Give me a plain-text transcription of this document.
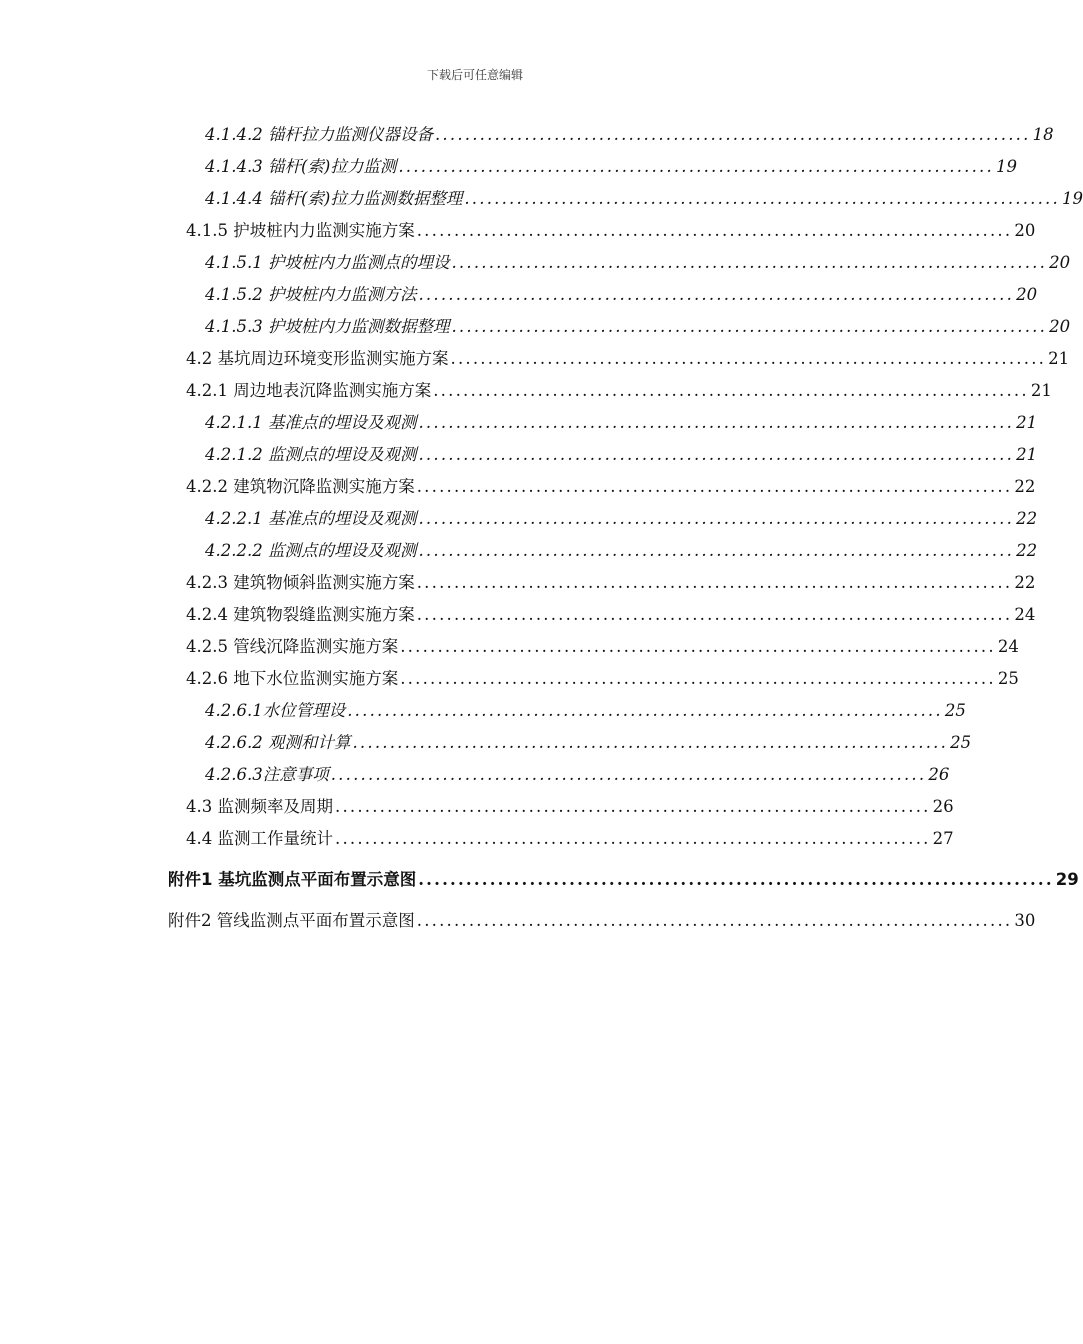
下载后可任意编辑
4.1.4.2 锚杆拉力监测仪器设备 ................................................................................ 18
4.1.4.3 锚杆(索)拉力监测 ................................................................................ 19
4.1.4.4 锚杆(索)拉力监测数据整理 ................................................................................ 19
4.1.5 护坡桩内力监测实施方案 ................................................................................ 20
4.1.5.1 护坡桩内力监测点的埋设 ................................................................................ 20
4.1.5.2 护坡桩内力监测方法 ................................................................................ 20
4.1.5.3 护坡桩内力监测数据整理 ................................................................................ 20
4.2 基坑周边环境变形监测实施方案 ................................................................................ 21
4.2.1 周边地表沉降监测实施方案 ................................................................................ 21
4.2.1.1 基准点的埋设及观测 ................................................................................ 21
4.2.1.2 监测点的埋设及观测 ................................................................................ 21
4.2.2 建筑物沉降监测实施方案 ................................................................................ 22
4.2.2.1 基准点的埋设及观测 ................................................................................ 22
4.2.2.2 监测点的埋设及观测 ................................................................................ 22
4.2.3 建筑物倾斜监测实施方案 ................................................................................ 22
4.2.4 建筑物裂缝监测实施方案 ................................................................................ 24
4.2.5 管线沉降监测实施方案 ................................................................................ 24
4.2.6 地下水位监测实施方案 ................................................................................ 25
4.2.6.1水位管理设 ................................................................................ 25
4.2.6.2 观测和计算 ................................................................................ 25
4.2.6.3注意事项 ................................................................................ 26
4.3 监测频率及周期 ................................................................................ 26
4.4 监测工作量统计 ................................................................................ 27
附件1 基坑监测点平面布置示意图 ................................................................................ 29
附件2 管线监测点平面布置示意图 ................................................................................ 30
